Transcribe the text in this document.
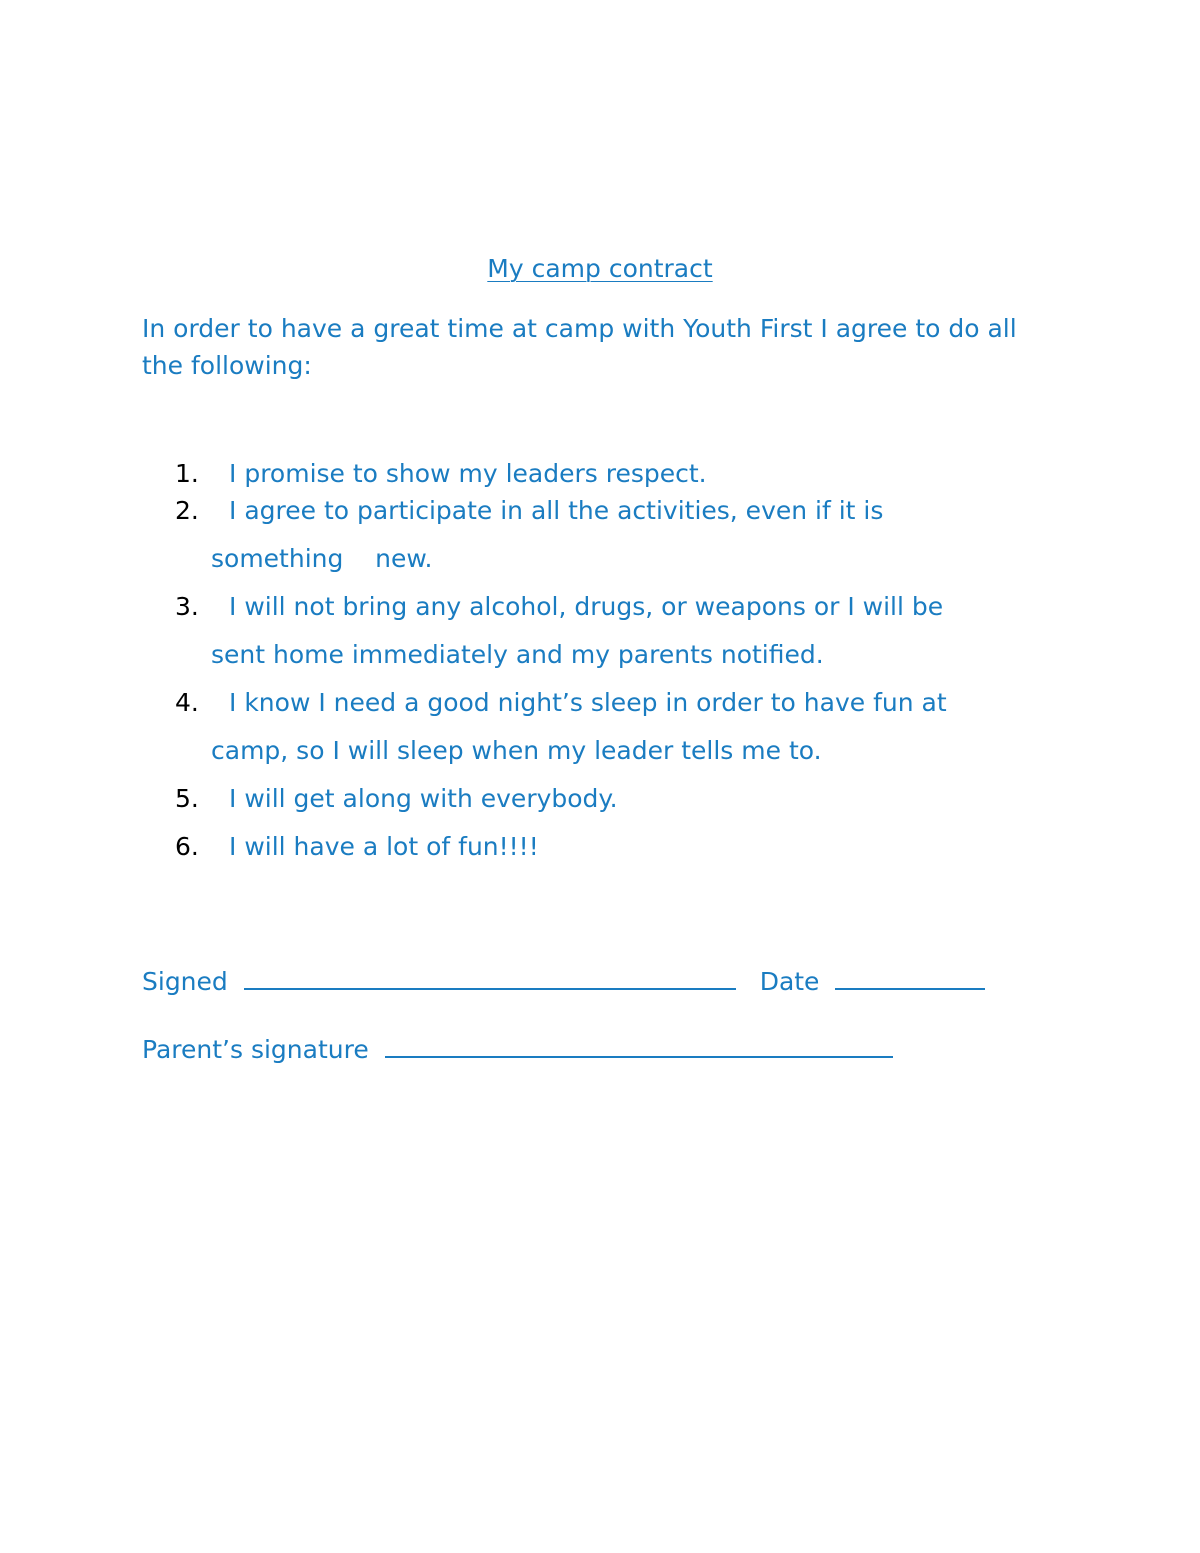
My camp contract
In order to have a great time at camp with Youth First I agree to do all the following:
1. I promise to show my leaders respect.
2. I agree to participate in all the activities, even if it is
something    new.
3. I will not bring any alcohol, drugs, or weapons or I will be
sent home immediately and my parents notified.
4. I know I need a good night’s sleep in order to have fun at
camp, so I will sleep when my leader tells me to.
5. I will get along with everybody.
6. I will have a lot of fun!!!!
Signed	Date
Parent’s signature
